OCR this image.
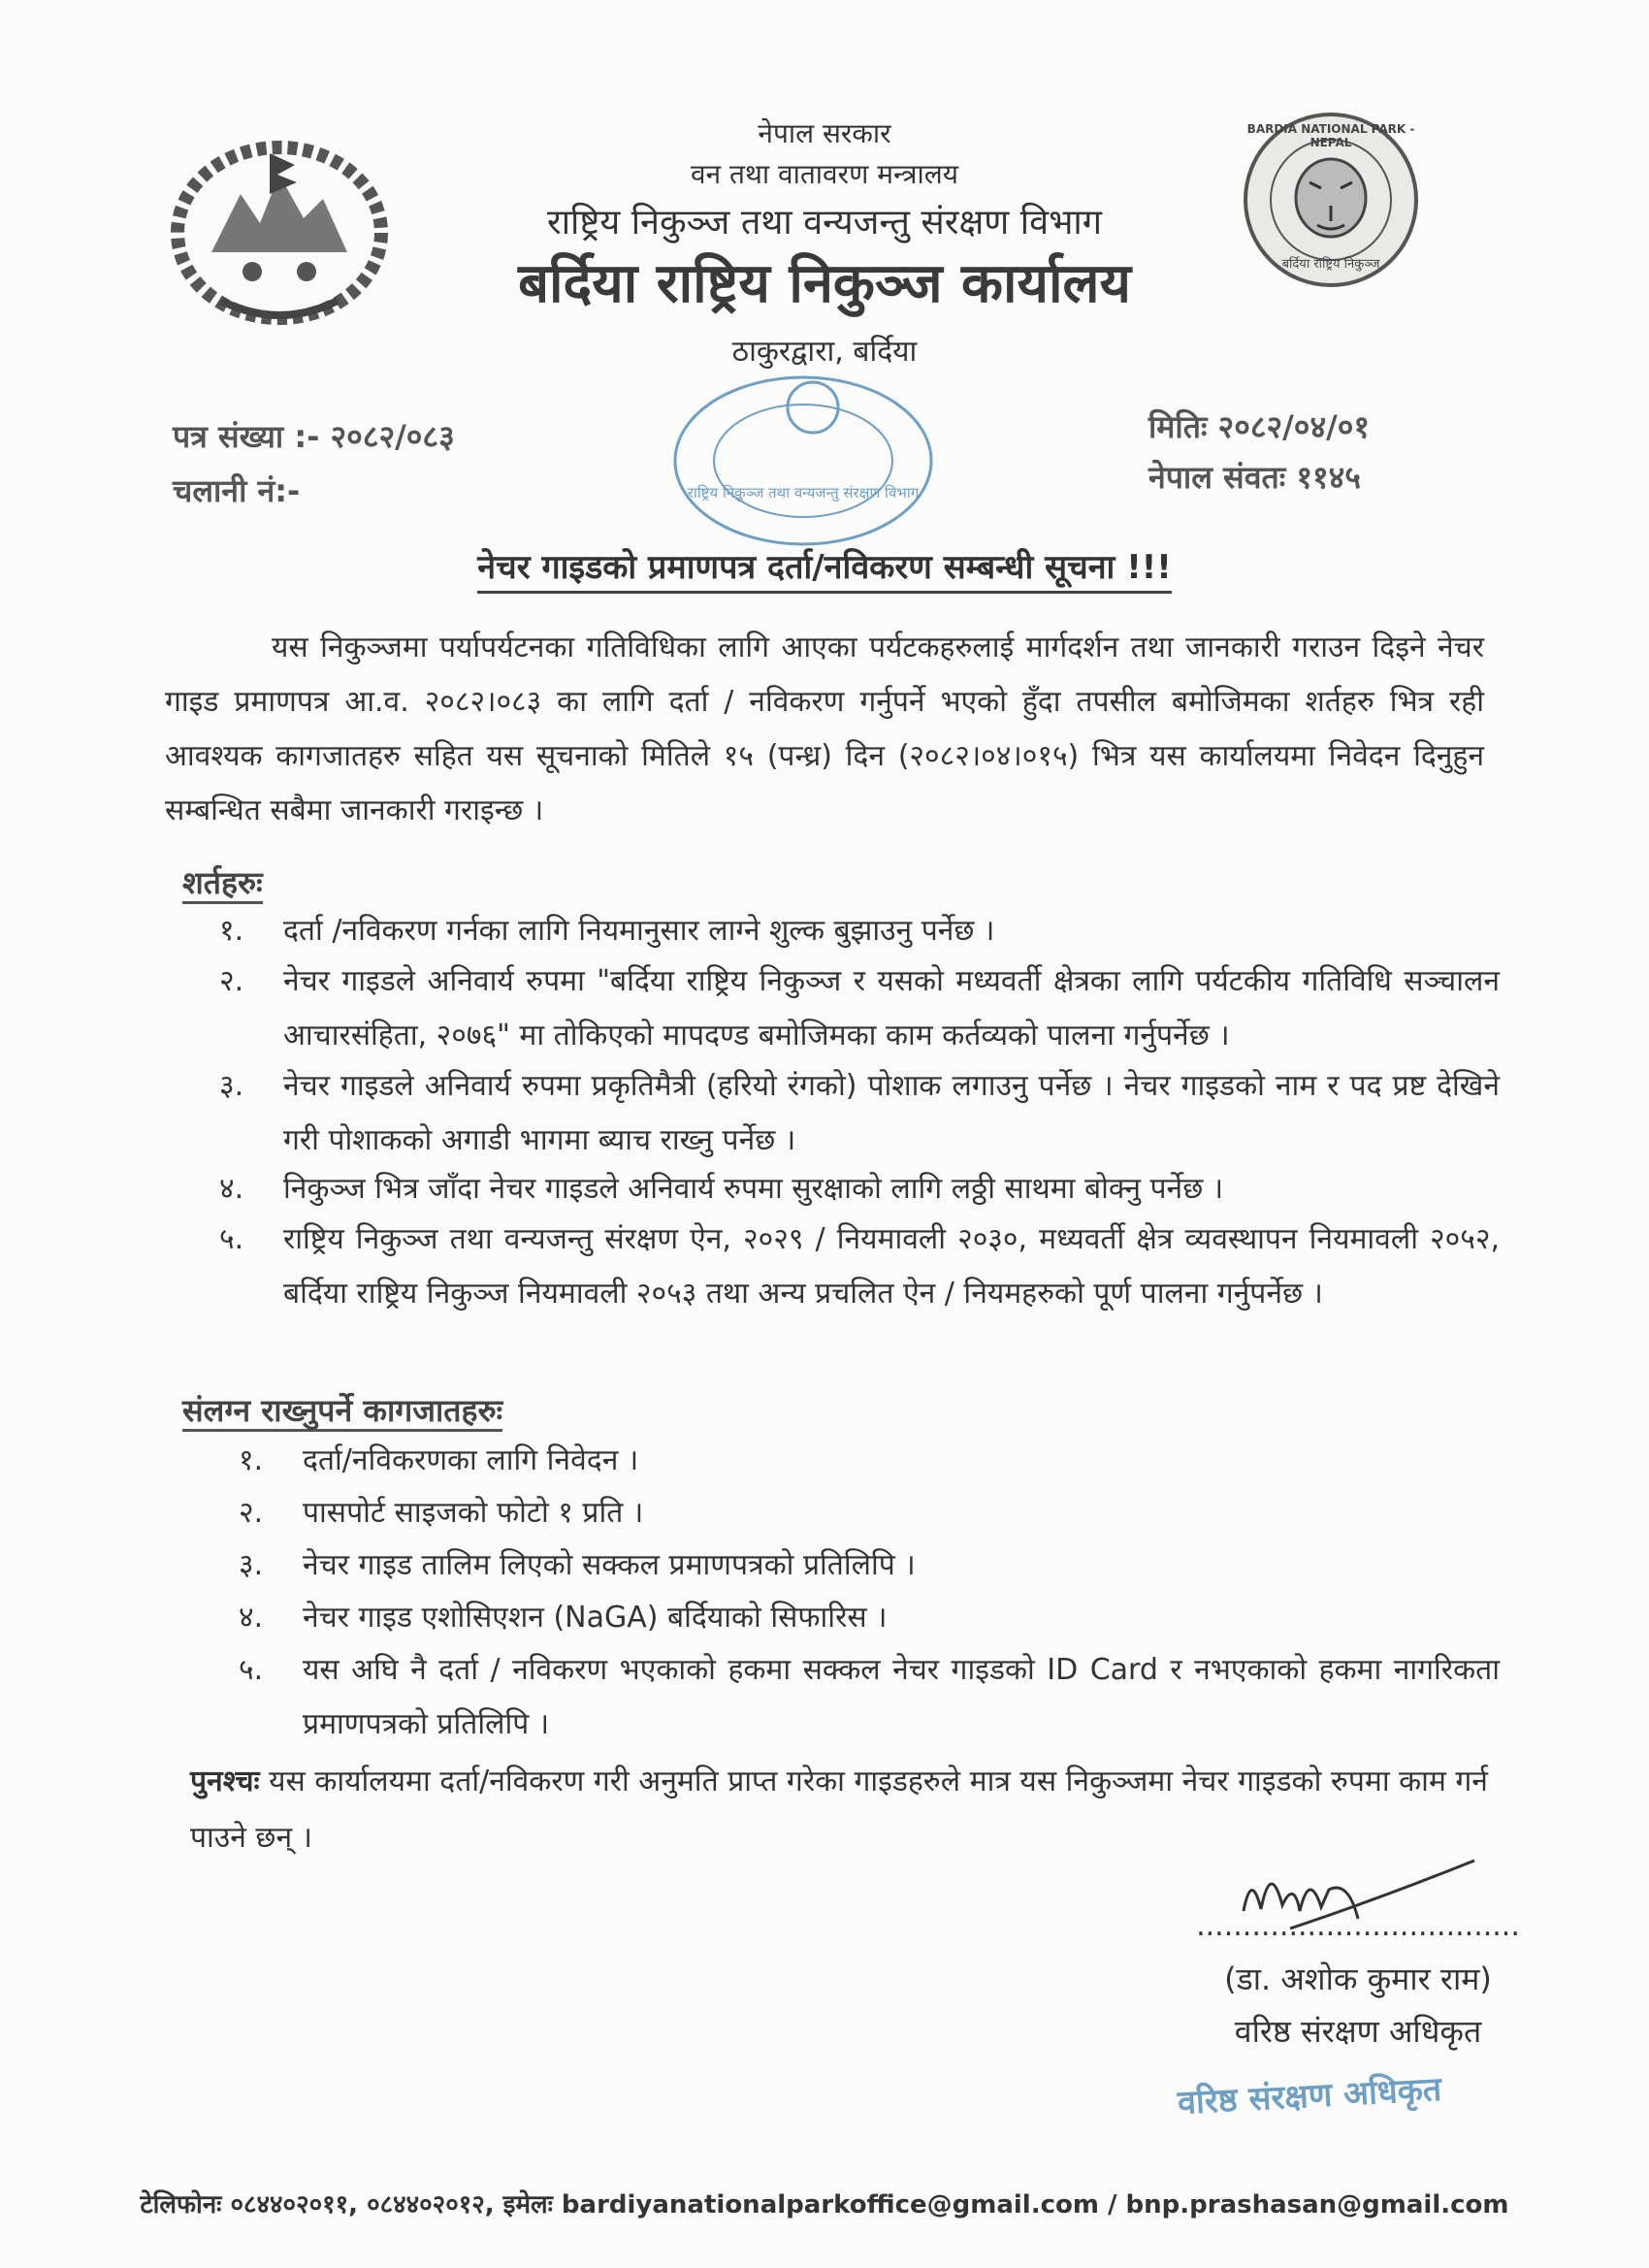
BARDIA NATIONAL PARK - NEPAL
बर्दिया राष्ट्रिय निकुञ्ज
नेपाल सरकार
वन तथा वातावरण मन्त्रालय
राष्ट्रिय निकुञ्ज तथा वन्यजन्तु संरक्षण विभाग
बर्दिया राष्ट्रिय निकुञ्ज कार्यालय
ठाकुरद्वारा, बर्दिया
राष्ट्रिय निकुञ्ज तथा वन्यजन्तु संरक्षण विभाग
पत्र संख्या :- २०८२/०८३
चलानी नं:-
मितिः २०८२/०४/०१
नेपाल संवतः ११४५
नेचर गाइडको प्रमाणपत्र दर्ता/नविकरण सम्बन्धी सूचना !!!
यस निकुञ्जमा पर्यापर्यटनका गतिविधिका लागि आएका पर्यटकहरुलाई मार्गदर्शन तथा जानकारी गराउन दिइने नेचर गाइड प्रमाणपत्र आ.व. २०८२।०८३ का लागि दर्ता / नविकरण गर्नुपर्ने भएको हुँदा तपसील बमोजिमका शर्तहरु भित्र रही आवश्यक कागजातहरु सहित यस सूचनाको मितिले १५ (पन्ध्र) दिन (२०८२।०४।०१५) भित्र यस कार्यालयमा निवेदन दिनुहुन सम्बन्धित सबैमा जानकारी गराइन्छ ।
शर्तहरुः
१.	दर्ता /नविकरण गर्नका लागि नियमानुसार लाग्ने शुल्क बुझाउनु पर्नेछ ।
२.	नेचर गाइडले अनिवार्य रुपमा "बर्दिया राष्ट्रिय निकुञ्ज र यसको मध्यवर्ती क्षेत्रका लागि पर्यटकीय गतिविधि सञ्चालन आचारसंहिता, २०७६" मा तोकिएको मापदण्ड बमोजिमका काम कर्तव्यको पालना गर्नुपर्नेछ ।
३.	नेचर गाइडले अनिवार्य रुपमा प्रकृतिमैत्री (हरियो रंगको) पोशाक लगाउनु पर्नेछ । नेचर गाइडको नाम र पद प्रष्ट देखिने गरी पोशाकको अगाडी भागमा ब्याच राख्नु पर्नेछ ।
४.	निकुञ्ज भित्र जाँदा नेचर गाइडले अनिवार्य रुपमा सुरक्षाको लागि लठ्ठी साथमा बोक्नु पर्नेछ ।
५.	राष्ट्रिय निकुञ्ज तथा वन्यजन्तु संरक्षण ऐन, २०२९ / नियमावली २०३०, मध्यवर्ती क्षेत्र व्यवस्थापन नियमावली २०५२, बर्दिया राष्ट्रिय निकुञ्ज नियमावली २०५३ तथा अन्य प्रचलित ऐन / नियमहरुको पूर्ण पालना गर्नुपर्नेछ ।
संलग्न राख्नुपर्ने कागजातहरुः
१.	दर्ता/नविकरणका लागि निवेदन ।
२.	पासपोर्ट साइजको फोटो १ प्रति ।
३.	नेचर गाइड तालिम लिएको सक्कल प्रमाणपत्रको प्रतिलिपि ।
४.	नेचर गाइड एशोसिएशन (NaGA) बर्दियाको सिफारिस ।
५.	यस अघि नै दर्ता / नविकरण भएकाको हकमा सक्कल नेचर गाइडको ID Card र नभएकाको हकमा नागरिकता प्रमाणपत्रको प्रतिलिपि ।
पुनश्चः यस कार्यालयमा दर्ता/नविकरण गरी अनुमति प्राप्त गरेका गाइडहरुले मात्र यस निकुञ्जमा नेचर गाइडको रुपमा काम गर्न पाउने छन् ।
...................................
(डा. अशोक कुमार राम)
वरिष्ठ संरक्षण अधिकृत
वरिष्ठ संरक्षण अधिकृत
टेलिफोनः ०८४४०२०११, ०८४४०२०१२, इमेलः bardiyanationalparkoffice@gmail.com / bnp.prashasan@gmail.com
